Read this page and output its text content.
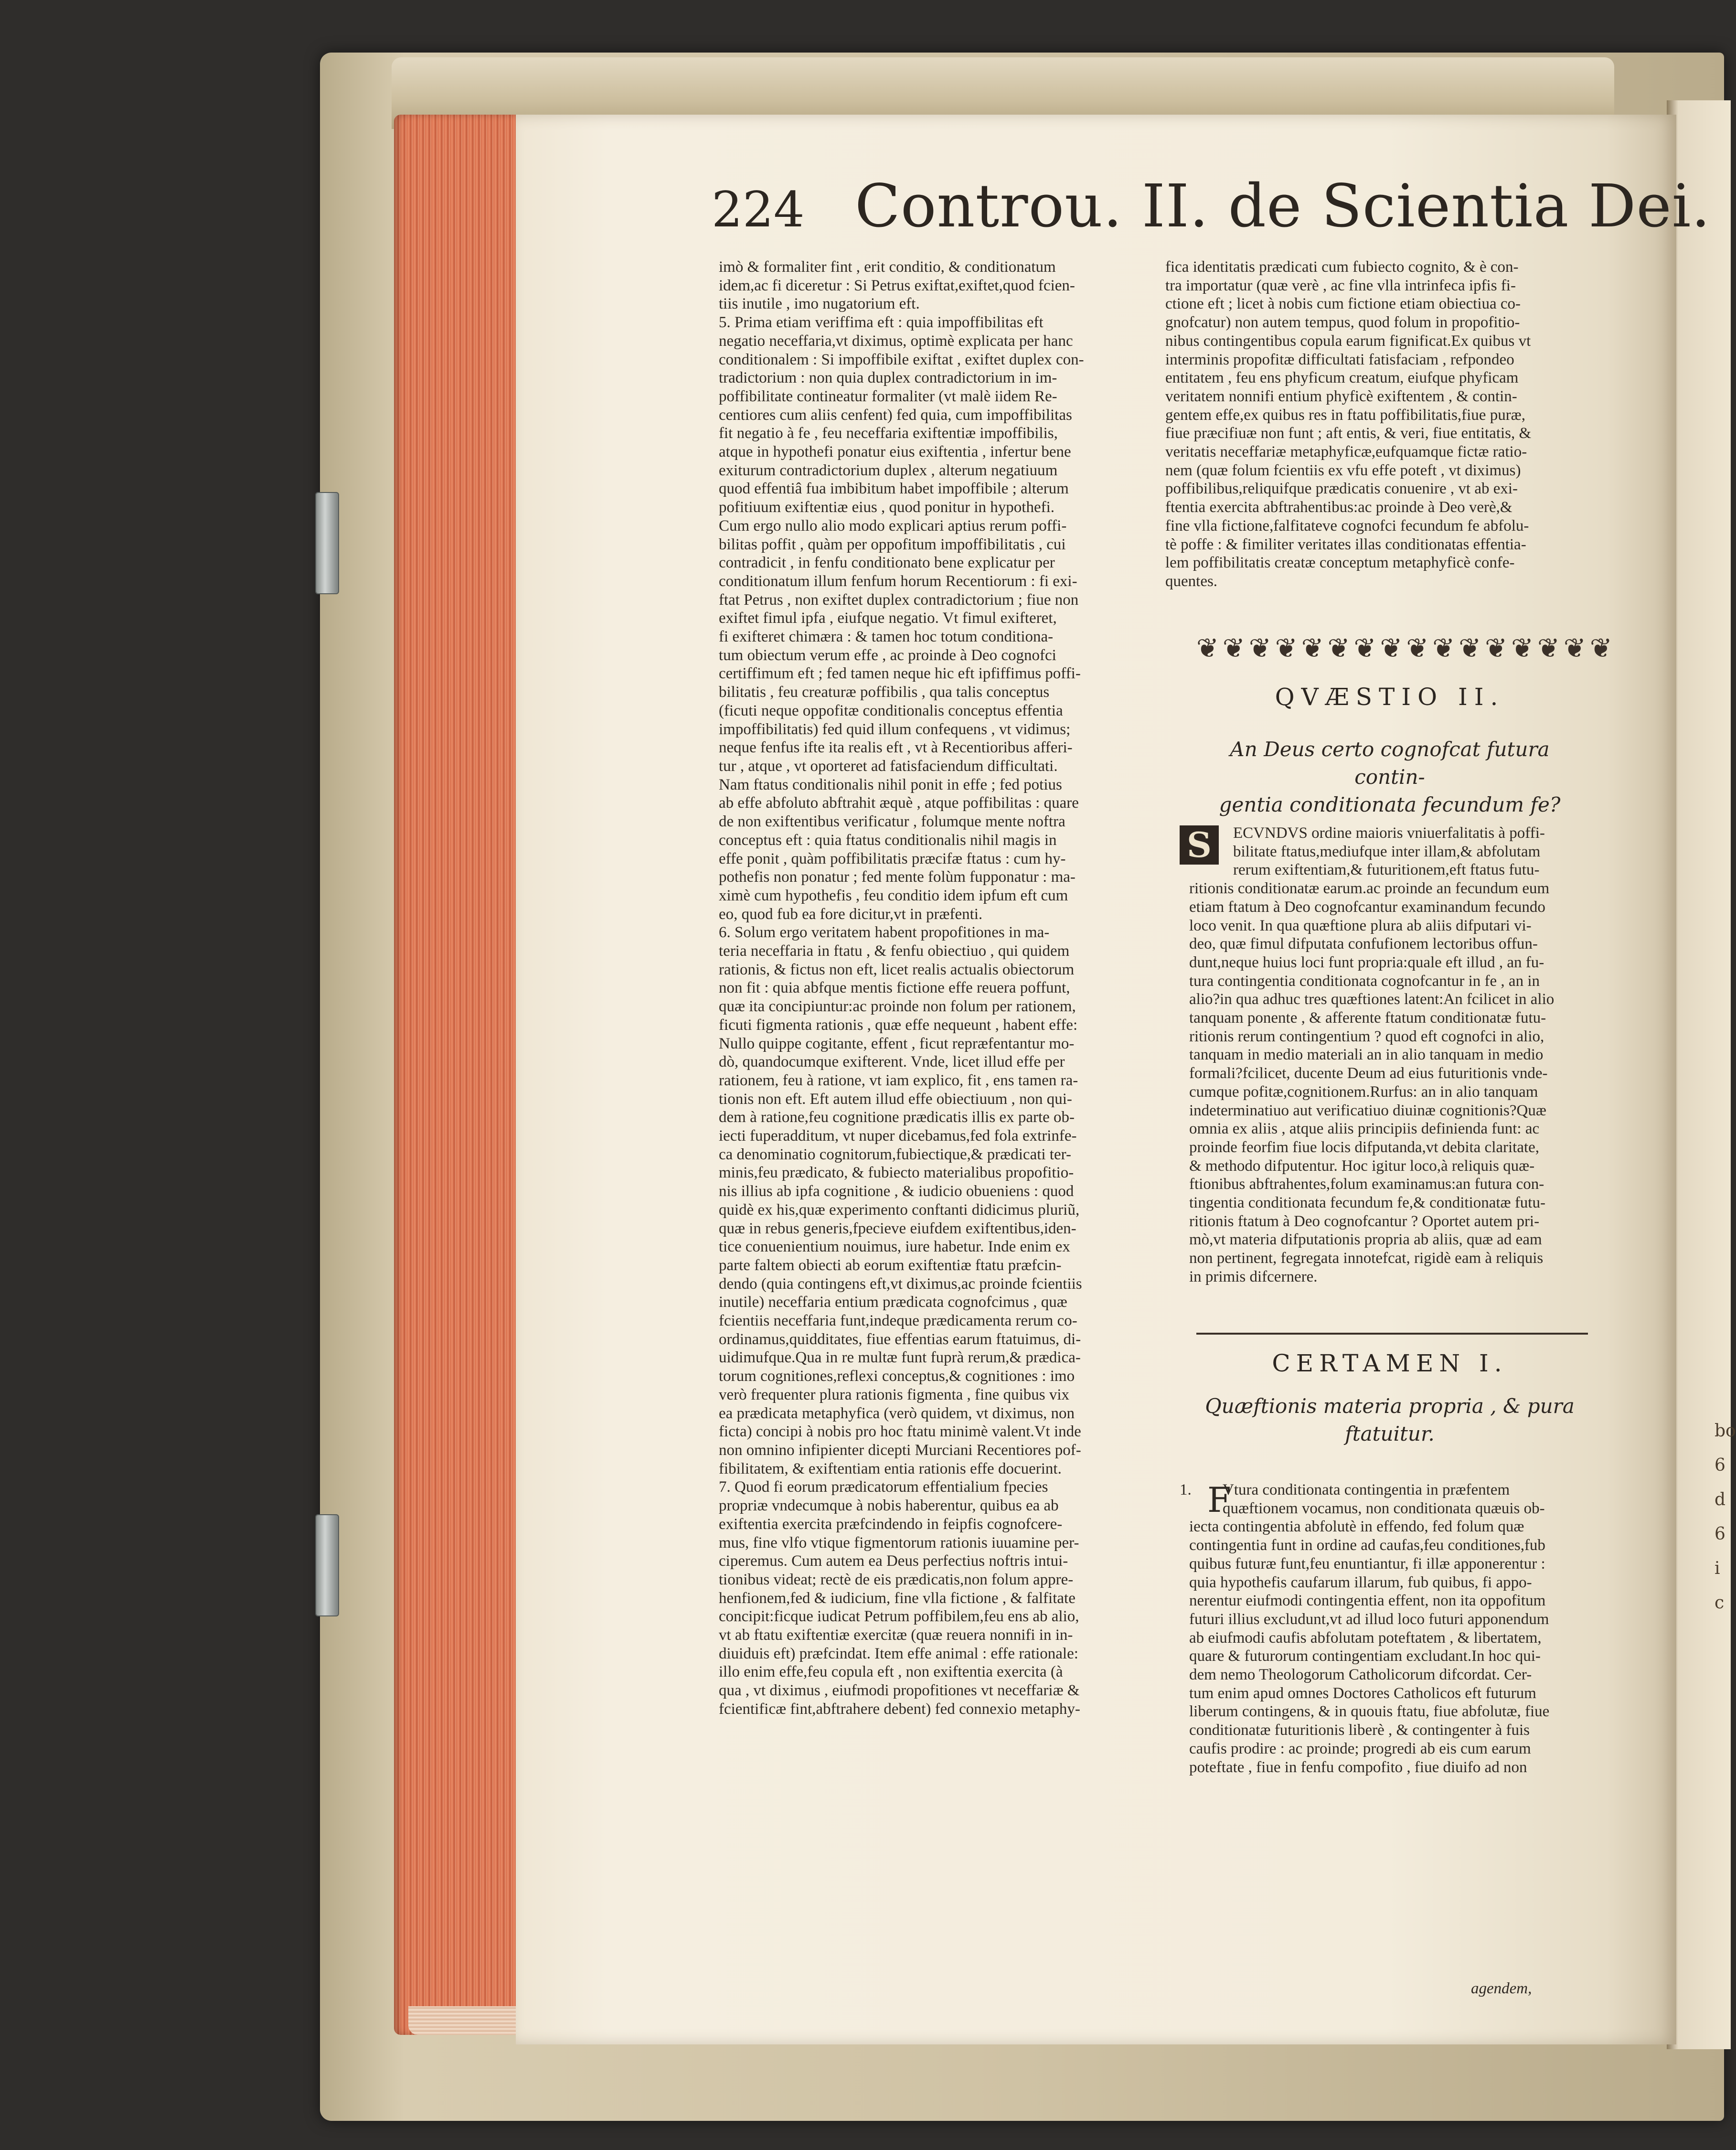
bo 6 d 6 i c
224 Controu. II. de Scientia Dei.

imò & formaliter fint , erit conditio, & conditionatum

idem,ac fi diceretur : Si Petrus exiftat,exiftet,quod fcien-

tiis inutile , imo nugatorium eft.

5. Prima etiam veriffima eft : quia impoffibilitas eft

negatio neceffaria,vt diximus, optimè explicata per hanc

conditionalem : Si impoffibile exiftat , exiftet duplex con-

tradictorium : non quia duplex contradictorium in im-

poffibilitate contineatur formaliter (vt malè iidem Re-

centiores cum aliis cenfent) fed quia, cum impoffibilitas

fit negatio à fe , feu neceffaria exiftentiæ impoffibilis,

atque in hypothefi ponatur eius exiftentia , infertur bene

exiturum contradictorium duplex , alterum negatiuum

quod effentiâ fua imbibitum habet impoffibile ; alterum

pofitiuum exiftentiæ eius , quod ponitur in hypothefi.

Cum ergo nullo alio modo explicari aptius rerum poffi-

bilitas poffit , quàm per oppofitum impoffibilitatis , cui

contradicit , in fenfu conditionato bene explicatur per

conditionatum illum fenfum horum Recentiorum : fi exi-

ftat Petrus , non exiftet duplex contradictorium ; fiue non

exiftet fimul ipfa , eiufque negatio. Vt fimul exifteret,

fi exifteret chimæra : & tamen hoc totum conditiona-

tum obiectum verum effe , ac proinde à Deo cognofci

certiffimum eft ; fed tamen neque hic eft ipfiffimus poffi-

bilitatis , feu creaturæ poffibilis , qua talis conceptus

(ficuti neque oppofitæ conditionalis conceptus effentia

impoffibilitatis) fed quid illum confequens , vt vidimus;

neque fenfus ifte ita realis eft , vt à Recentioribus afferi-

tur , atque , vt oporteret ad fatisfaciendum difficultati.

Nam ftatus conditionalis nihil ponit in effe ; fed potius

ab effe abfoluto abftrahit æquè , atque poffibilitas : quare

de non exiftentibus verificatur , folumque mente noftra

conceptus eft : quia ftatus conditionalis nihil magis in

effe ponit , quàm poffibilitatis præcifæ ftatus : cum hy-

pothefis non ponatur ; fed mente folùm fupponatur : ma-

ximè cum hypothefis , feu conditio idem ipfum eft cum

eo, quod fub ea fore dicitur,vt in præfenti.

6. Solum ergo veritatem habent propofitiones in ma-

teria neceffaria in ftatu , & fenfu obiectiuo , qui quidem

rationis, & fictus non eft, licet realis actualis obiectorum

non fit : quia abfque mentis fictione effe reuera poffunt,

quæ ita concipiuntur:ac proinde non folum per rationem,

ficuti figmenta rationis , quæ effe nequeunt , habent effe:

Nullo quippe cogitante, effent , ficut repræfentantur mo-

dò, quandocumque exifterent. Vnde, licet illud effe per

rationem, feu à ratione, vt iam explico, fit , ens tamen ra-

tionis non eft. Eft autem illud effe obiectiuum , non qui-

dem à ratione,feu cognitione prædicatis illis ex parte ob-

iecti fuperadditum, vt nuper dicebamus,fed fola extrinfe-

ca denominatio cognitorum,fubiectique,& prædicati ter-

minis,feu prædicato, & fubiecto materialibus propofitio-

nis illius ab ipfa cognitione , & iudicio obueniens : quod

quidè ex his,quæ experimento conftanti didicimus pluriũ,

quæ in rebus generis,fpecieve eiufdem exiftentibus,iden-

tice conuenientium nouimus, iure habetur. Inde enim ex

parte faltem obiecti ab eorum exiftentiæ ftatu præfcin-

dendo (quia contingens eft,vt diximus,ac proinde fcientiis

inutile) neceffaria entium prædicata cognofcimus , quæ

fcientiis neceffaria funt,indeque prædicamenta rerum co-

ordinamus,quidditates, fiue effentias earum ftatuimus, di-

uidimufque.Qua in re multæ funt fuprà rerum,& prædica-

torum cognitiones,reflexi conceptus,& cognitiones : imo

verò frequenter plura rationis figmenta , fine quibus vix

ea prædicata metaphyfica (verò quidem, vt diximus, non

ficta) concipi à nobis pro hoc ftatu minimè valent.Vt inde

non omnino infipienter dicepti Murciani Recentiores pof-

fibilitatem, & exiftentiam entia rationis effe docuerint.

7. Quod fi eorum prædicatorum effentialium fpecies

propriæ vndecumque à nobis haberentur, quibus ea ab

exiftentia exercita præfcindendo in feipfis cognofcere-

mus, fine vlfo vtique figmentorum rationis iuuamine per-

ciperemus. Cum autem ea Deus perfectius noftris intui-

tionibus videat; rectè de eis prædicatis,non folum appre-

henfionem,fed & iudicium, fine vlla fictione , & falfitate

concipit:ficque iudicat Petrum poffibilem,feu ens ab alio,

vt ab ftatu exiftentiæ exercitæ (quæ reuera nonnifi in in-

diuiduis eft) præfcindat. Item effe animal : effe rationale:

illo enim effe,feu copula eft , non exiftentia exercita (à

qua , vt diximus , eiufmodi propofitiones vt neceffariæ &

fcientificæ fint,abftrahere debent) fed connexio metaphy-

fica identitatis prædicati cum fubiecto cognito, & è con-

tra importatur (quæ verè , ac fine vlla intrinfeca ipfis fi-

ctione eft ; licet à nobis cum fictione etiam obiectiua co-

gnofcatur) non autem tempus, quod folum in propofitio-

nibus contingentibus copula earum fignificat.Ex quibus vt

interminis propofitæ difficultati fatisfaciam , refpondeo

entitatem , feu ens phyficum creatum, eiufque phyficam

veritatem nonnifi entium phyficè exiftentem , & contin-

gentem effe,ex quibus res in ftatu poffibilitatis,fiue puræ,

fiue præcifiuæ non funt ; aft entis, & veri, fiue entitatis, &

veritatis neceffariæ metaphyficæ,eufquamque fictæ ratio-

nem (quæ folum fcientiis ex vfu effe poteft , vt diximus)

poffibilibus,reliquifque prædicatis conuenire , vt ab exi-

ftentia exercita abftrahentibus:ac proinde à Deo verè,&

fine vlla fictione,falfitateve cognofci fecundum fe abfolu-

tè poffe : & fimiliter veritates illas conditionatas effentia-

lem poffibilitatis creatæ conceptum metaphyficè confe-

quentes.

❦❦❦❦❦❦❦❦❦❦❦❦❦❦❦❦
QVÆSTIO II.
An Deus certo cognofcat futura contin-
gentia conditionata fecundum fe?
S	ECVNDVS ordine maioris vniuerfalitatis à poffi-

bilitate ftatus,mediufque inter illam,& abfolutam

rerum exiftentiam,& futuritionem,eft ftatus futu-

ritionis conditionatæ earum.ac proinde an fecundum eum

etiam ftatum à Deo cognofcantur examinandum fecundo

loco venit. In qua quæftione plura ab aliis difputari vi-

deo, quæ fimul difputata confufionem lectoribus offun-

dunt,neque huius loci funt propria:quale eft illud , an fu-

tura contingentia conditionata cognofcantur in fe , an in

alio?in qua adhuc tres quæftiones latent:An fcilicet in alio

tanquam ponente , & afferente ftatum conditionatæ futu-

ritionis rerum contingentium ? quod eft cognofci in alio,

tanquam in medio materiali an in alio tanquam in medio

formali?fcilicet, ducente Deum ad eius futuritionis vnde-

cumque pofitæ,cognitionem.Rurfus: an in alio tanquam

indeterminatiuo aut verificatiuo diuinæ cognitionis?Quæ

omnia ex aliis , atque aliis principiis definienda funt: ac

proinde feorfim fiue locis difputanda,vt debita claritate,

& methodo difputentur. Hoc igitur loco,à reliquis quæ-

ftionibus abftrahentes,folum examinamus:an futura con-

tingentia conditionata fecundum fe,& conditionatæ futu-

ritionis ftatum à Deo cognofcantur ? Oportet autem pri-

mò,vt materia difputationis propria ab aliis, quæ ad eam

non pertinent, fegregata innotefcat, rigidè eam à reliquis

in primis difcernere.

CERTAMEN I.
Quæftionis materia propria , & pura
ftatuitur.
1. F

Vtura conditionata contingentia in præfentem

quæftionem vocamus, non conditionata quæuis ob-

iecta contingentia abfolutè in effendo, fed folum quæ

contingentia funt in ordine ad caufas,feu conditiones,fub

quibus futuræ funt,feu enuntiantur, fi illæ apponerentur :

quia hypothefis caufarum illarum, fub quibus, fi appo-

nerentur eiufmodi contingentia effent, non ita oppofitum

futuri illius excludunt,vt ad illud loco futuri apponendum

ab eiufmodi caufis abfolutam poteftatem , & libertatem,

quare & futurorum contingentiam excludant.In hoc qui-

dem nemo Theologorum Catholicorum difcordat. Cer-

tum enim apud omnes Doctores Catholicos eft futurum

liberum contingens, & in quouis ftatu, fiue abfolutæ, fiue

conditionatæ futuritionis liberè , & contingenter à fuis

caufis prodire : ac proinde; progredi ab eis cum earum

poteftate , fiue in fenfu compofito , fiue diuifo ad non

agendem,
